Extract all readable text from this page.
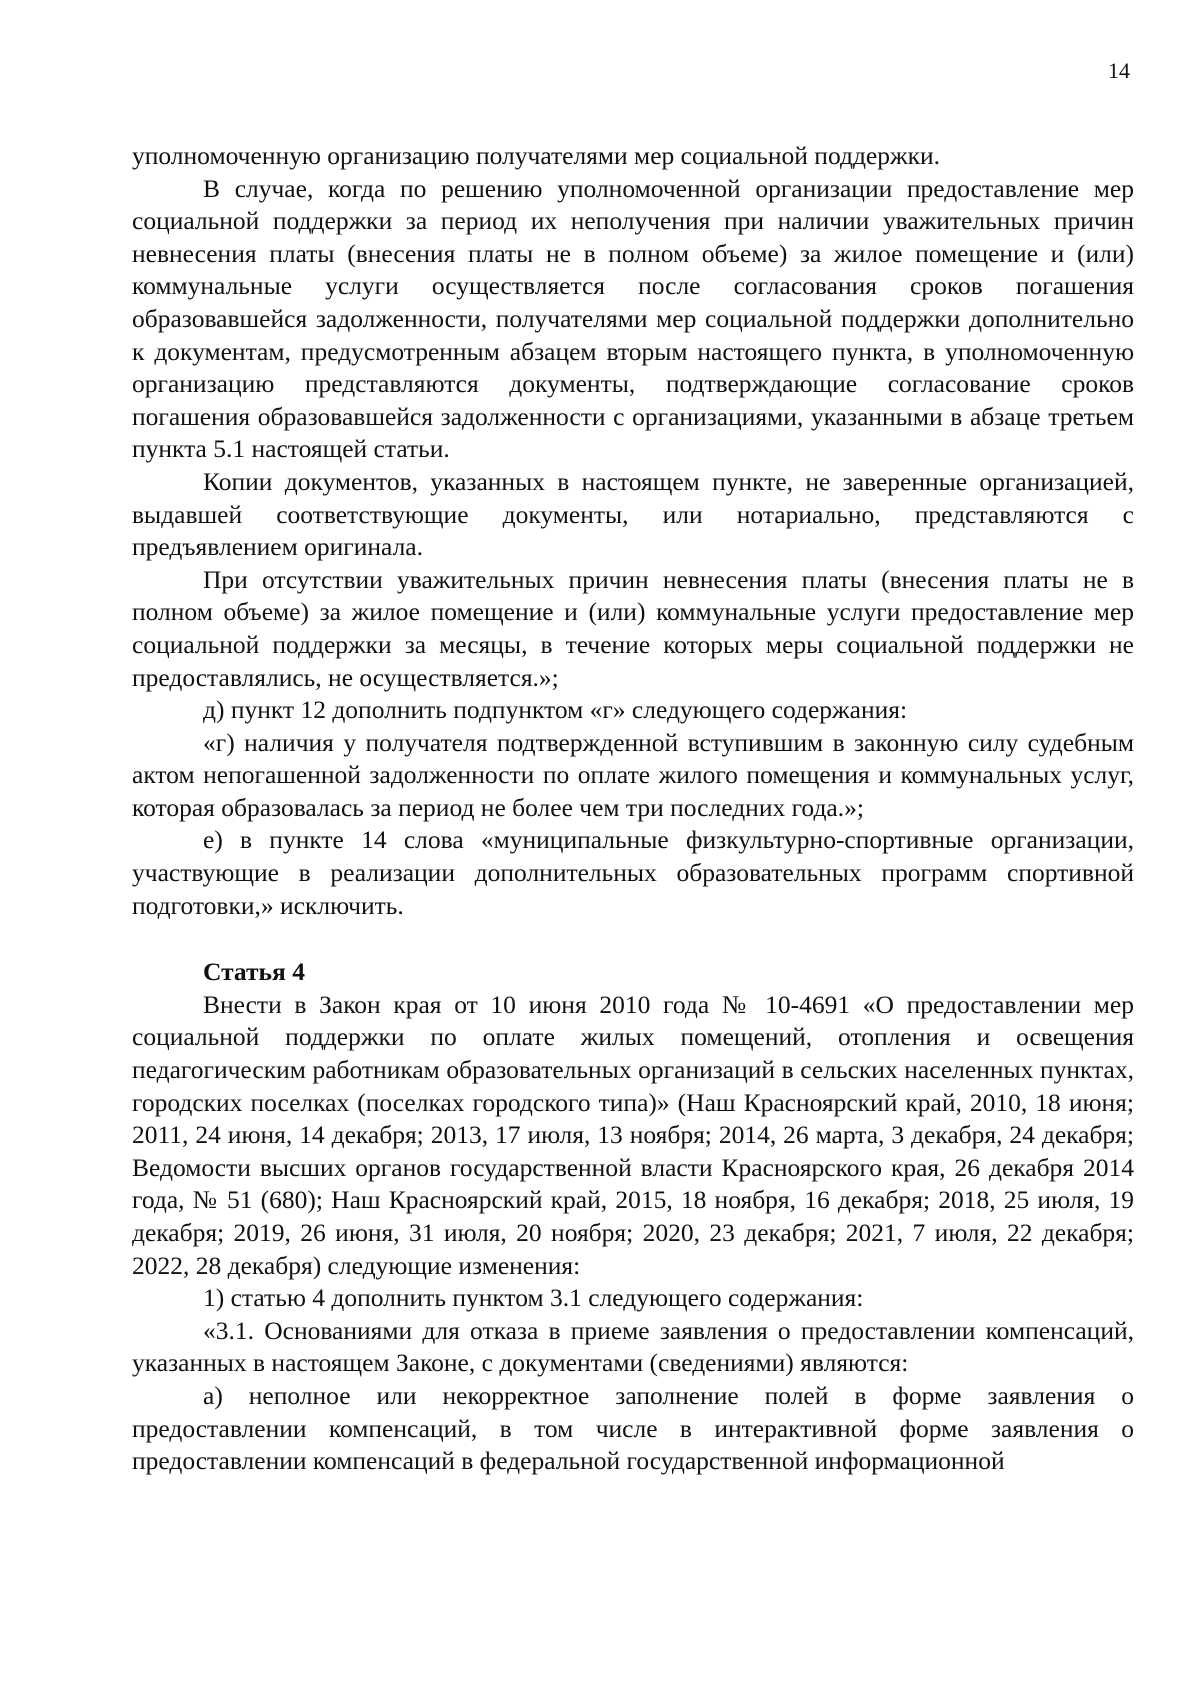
14

уполномоченную организацию получателями мер социальной поддержки.

В случае, когда по решению уполномоченной организации предоставление мер социальной поддержки за период их неполучения при наличии уважительных причин невнесения платы (внесения платы не в полном объеме) за жилое помещение и (или) коммунальные услуги осуществляется после согласования сроков погашения образовавшейся задолженности, получателями мер социальной поддержки дополнительно к документам, предусмотренным абзацем вторым настоящего пункта, в уполномоченную организацию представляются документы, подтверждающие согласование сроков погашения образовавшейся задолженности с организациями, указанными в абзаце третьем пункта 5.1 настоящей статьи.

Копии документов, указанных в настоящем пункте, не заверенные организацией, выдавшей соответствующие документы, или нотариально, представляются с предъявлением оригинала.

При отсутствии уважительных причин невнесения платы (внесения платы не в полном объеме) за жилое помещение и (или) коммунальные услуги предоставление мер социальной поддержки за месяцы, в течение которых меры социальной поддержки не предоставлялись, не осуществляется.»;

д) пункт 12 дополнить подпунктом «г» следующего содержания:

«г) наличия у получателя подтвержденной вступившим в законную силу судебным актом непогашенной задолженности по оплате жилого помещения и коммунальных услуг, которая образовалась за период не более чем три последних года.»;

е) в пункте 14 слова «муниципальные физкультурно-спортивные организации, участвующие в реализации дополнительных образовательных программ спортивной подготовки,» исключить.

Статья 4

Внести в Закон края от 10 июня 2010 года № 10-4691 «О предоставлении мер социальной поддержки по оплате жилых помещений, отопления и освещения педагогическим работникам образовательных организаций в сельских населенных пунктах, городских поселках (поселках городского типа)» (Наш Красноярский край, 2010, 18 июня; 2011, 24 июня, 14 декабря; 2013, 17 июля, 13 ноября; 2014, 26 марта, 3 декабря, 24 декабря; Ведомости высших органов государственной власти Красноярского края, 26 декабря 2014 года, № 51 (680); Наш Красноярский край, 2015, 18 ноября, 16 декабря; 2018, 25 июля, 19 декабря; 2019, 26 июня, 31 июля, 20 ноября; 2020, 23 декабря; 2021, 7 июля, 22 декабря; 2022, 28 декабря) следующие изменения:

1) статью 4 дополнить пунктом 3.1 следующего содержания:

«3.1. Основаниями для отказа в приеме заявления о предоставлении компенсаций, указанных в настоящем Законе, с документами (сведениями) являются:

а) неполное или некорректное заполнение полей в форме заявления о предоставлении компенсаций, в том числе в интерактивной форме заявления о предоставлении компенсаций в федеральной государственной информационной
